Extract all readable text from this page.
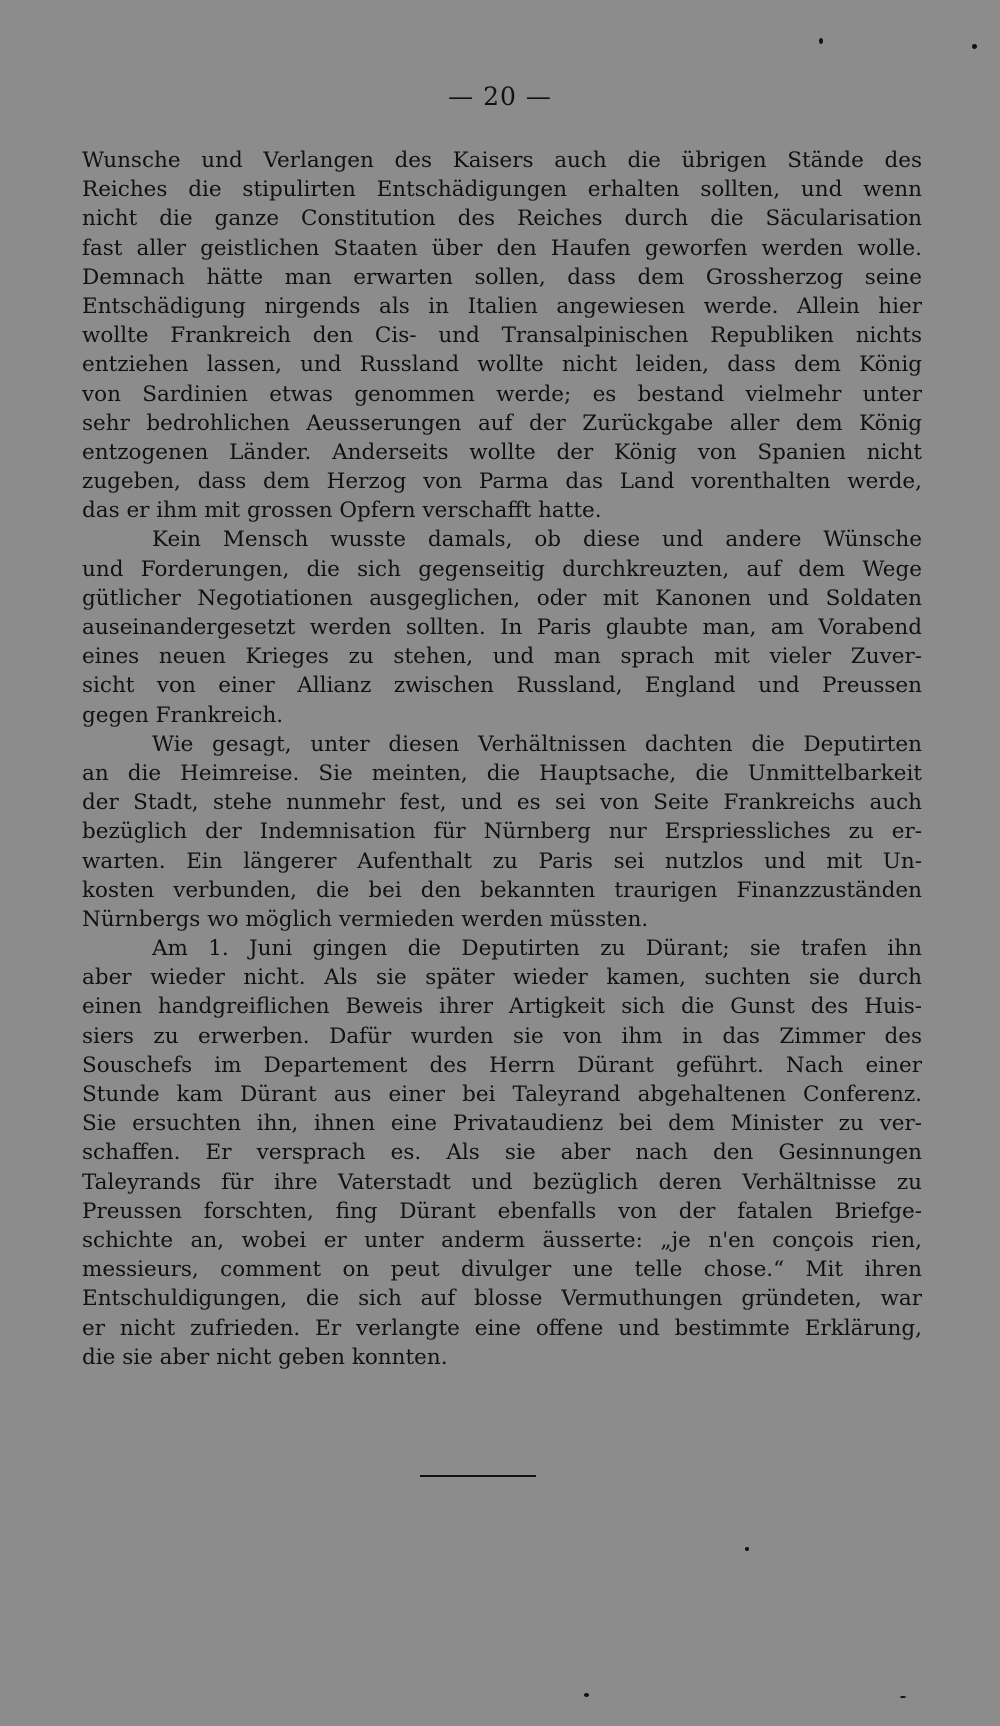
— 20 —
Wunsche und Verlangen des Kaisers auch die übrigen Stände des
Reiches die stipulirten Entschädigungen erhalten sollten, und wenn
nicht die ganze Constitution des Reiches durch die Säcularisation
fast aller geistlichen Staaten über den Haufen geworfen werden wolle.
Demnach hätte man erwarten sollen, dass dem Grossherzog seine
Entschädigung nirgends als in Italien angewiesen werde. Allein hier
wollte Frankreich den Cis- und Transalpinischen Republiken nichts
entziehen lassen, und Russland wollte nicht leiden, dass dem König
von Sardinien etwas genommen werde; es bestand vielmehr unter
sehr bedrohlichen Aeusserungen auf der Zurückgabe aller dem König
entzogenen Länder. Anderseits wollte der König von Spanien nicht
zugeben, dass dem Herzog von Parma das Land vorenthalten werde,
das er ihm mit grossen Opfern verschafft hatte.
Kein Mensch wusste damals, ob diese und andere Wünsche
und Forderungen, die sich gegenseitig durchkreuzten, auf dem Wege
gütlicher Negotiationen ausgeglichen, oder mit Kanonen und Soldaten
auseinandergesetzt werden sollten. In Paris glaubte man, am Vorabend
eines neuen Krieges zu stehen, und man sprach mit vieler Zuver-
sicht von einer Allianz zwischen Russland, England und Preussen
gegen Frankreich.
Wie gesagt, unter diesen Verhältnissen dachten die Deputirten
an die Heimreise. Sie meinten, die Hauptsache, die Unmittelbarkeit
der Stadt, stehe nunmehr fest, und es sei von Seite Frankreichs auch
bezüglich der Indemnisation für Nürnberg nur Erspriessliches zu er-
warten. Ein längerer Aufenthalt zu Paris sei nutzlos und mit Un-
kosten verbunden, die bei den bekannten traurigen Finanzzuständen
Nürnbergs wo möglich vermieden werden müssten.
Am 1. Juni gingen die Deputirten zu Dürant; sie trafen ihn
aber wieder nicht. Als sie später wieder kamen, suchten sie durch
einen handgreiflichen Beweis ihrer Artigkeit sich die Gunst des Huis-
siers zu erwerben. Dafür wurden sie von ihm in das Zimmer des
Souschefs im Departement des Herrn Dürant geführt. Nach einer
Stunde kam Dürant aus einer bei Taleyrand abgehaltenen Conferenz.
Sie ersuchten ihn, ihnen eine Privataudienz bei dem Minister zu ver-
schaffen. Er versprach es. Als sie aber nach den Gesinnungen
Taleyrands für ihre Vaterstadt und bezüglich deren Verhältnisse zu
Preussen forschten, fing Dürant ebenfalls von der fatalen Briefge-
schichte an, wobei er unter anderm äusserte: „je n'en conçois rien,
messieurs, comment on peut divulger une telle chose.“ Mit ihren
Entschuldigungen, die sich auf blosse Vermuthungen gründeten, war
er nicht zufrieden. Er verlangte eine offene und bestimmte Erklärung,
die sie aber nicht geben konnten.
